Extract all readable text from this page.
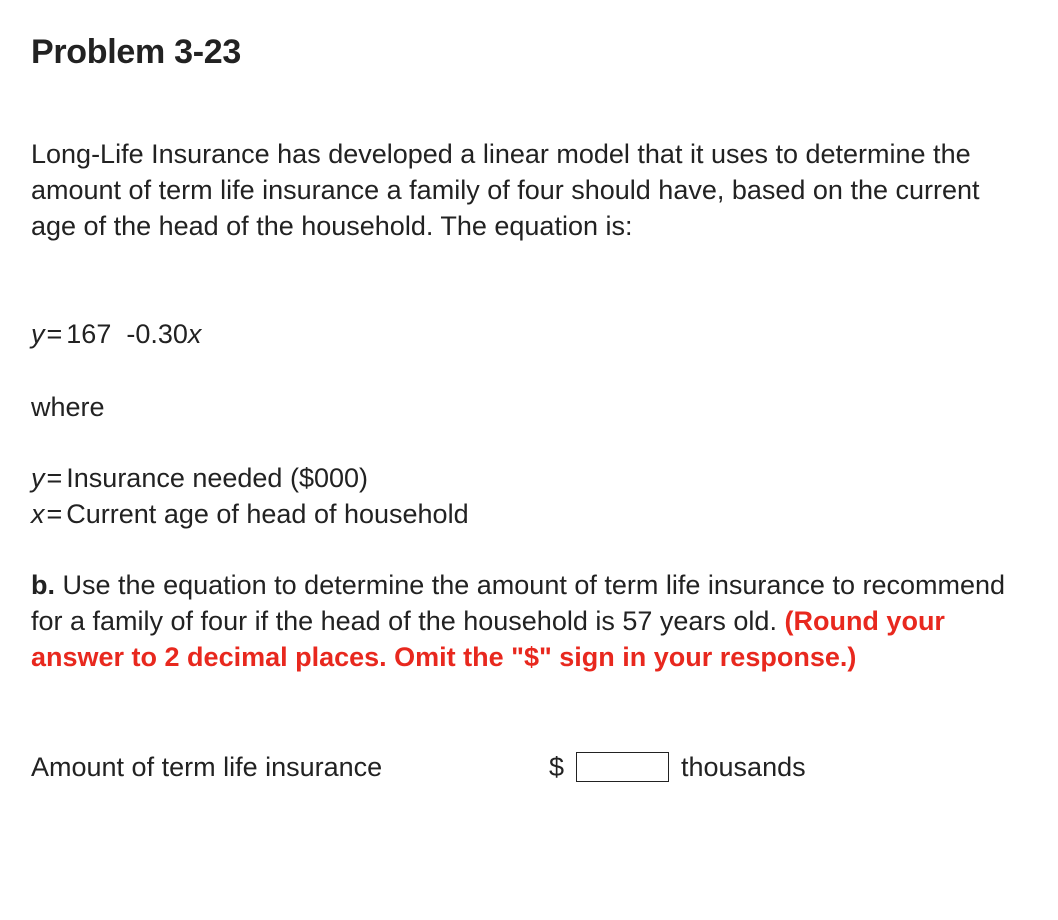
Problem 3-23

Long-Life Insurance has developed a linear model that it uses to determine the amount of term life insurance a family of four should have, based on the current age of the head of the household. The equation is:

y= 167 -0.30x

where

y= Insurance needed ($000)
x= Current age of head of household

b. Use the equation to determine the amount of term life insurance to recommend for a family of four if the head of the household is 57 years old. (Round your answer to 2 decimal places. Omit the "$" sign in your response.)

Amount of term life insurance	$	thousands
